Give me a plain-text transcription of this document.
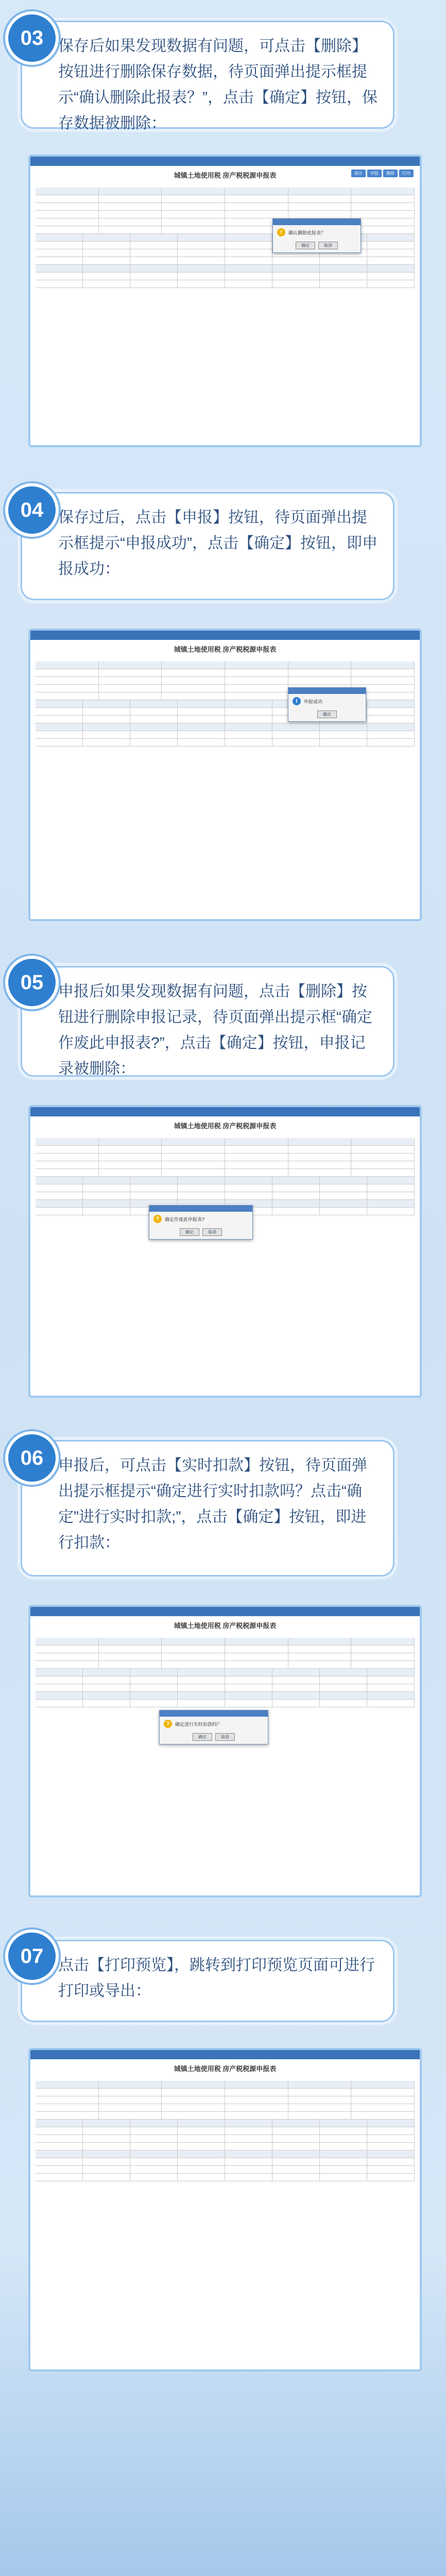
03 保存后如果发现数据有问题，可点击【删除】按钮进行删除保存数据，待页面弹出提示框提示“确认删除此报表？”，点击【确定】按钮，保存数据被删除：
保存 申报 删除 打印
城镇土地使用税 房产税税源申报表
!	确认删除此报表？
确定	取消
04 保存过后，点击【申报】按钮，待页面弹出提示框提示“申报成功”，点击【确定】按钮，即申报成功：
城镇土地使用税 房产税税源申报表
i	申报成功
确定
05 申报后如果发现数据有问题，点击【删除】按钮进行删除申报记录，待页面弹出提示框“确定作废此申报表?”，点击【确定】按钮，申报记录被删除：
城镇土地使用税 房产税税源申报表
?	确定作废此申报表?
确定	取消
06 申报后，可点击【实时扣款】按钮，待页面弹出提示框提示“确定进行实时扣款吗？点击“确定”进行实时扣款;”，点击【确定】按钮，即进行扣款：
城镇土地使用税 房产税税源申报表
?	确定进行实时扣款吗？
确定	取消
07 点击【打印预览】，跳转到打印预览页面可进行打印或导出：
城镇土地使用税 房产税税源申报表
